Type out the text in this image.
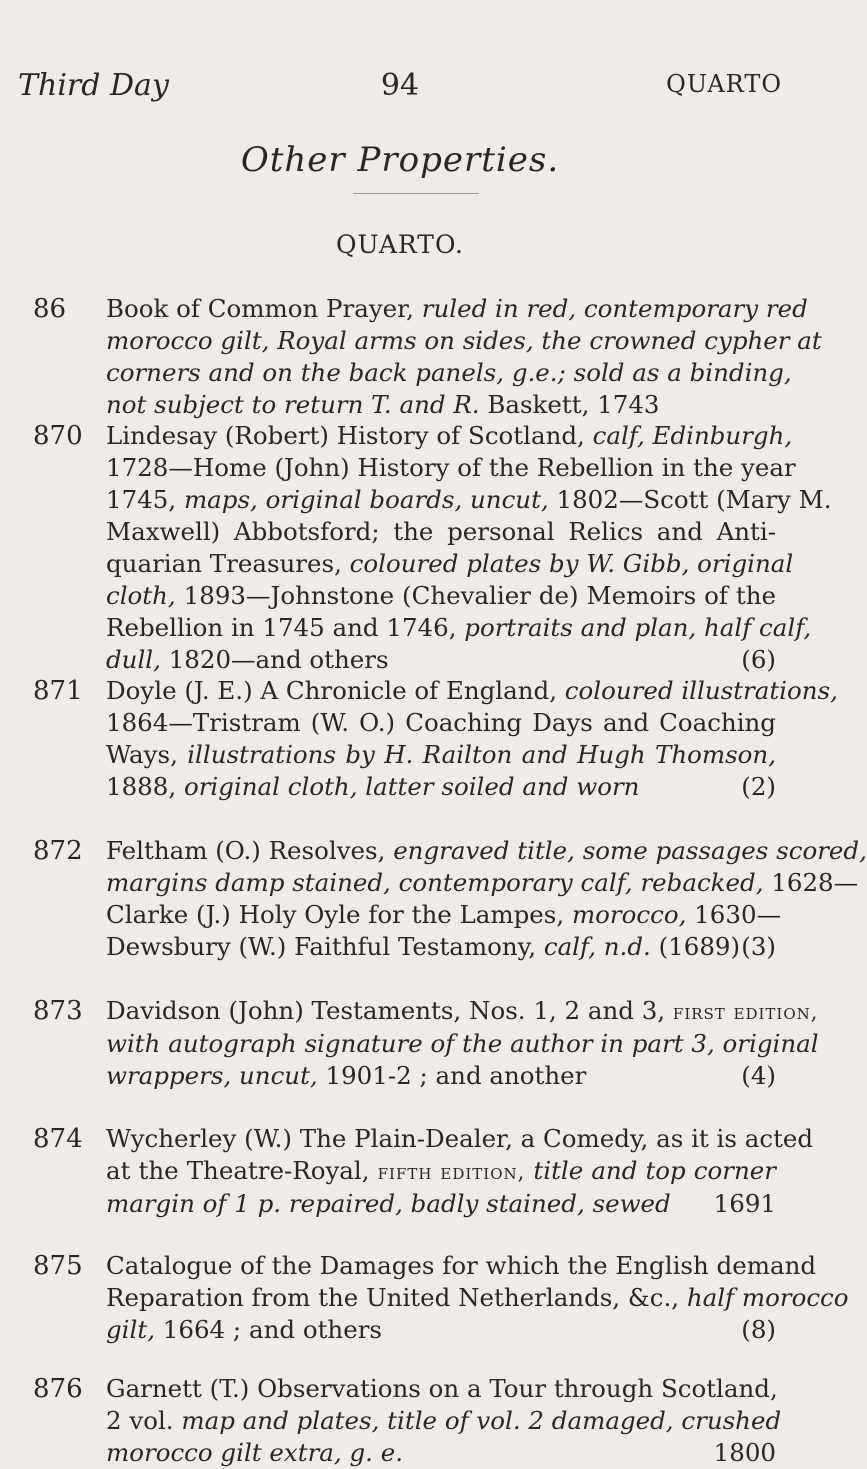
Third Day	94	QUARTO
Other Properties.
QUARTO.
86 Book of Common Prayer, ruled in red, contemporary red
morocco gilt, Royal arms on sides, the crowned cypher at
corners and on the back panels, g.e.; sold as a binding,
not subject to return T. and R. Baskett, 1743
870 Lindesay (Robert) History of Scotland, calf, Edinburgh,
1728—Home (John) History of the Rebellion in the year
1745, maps, original boards, uncut, 1802—Scott (Mary M.
Maxwell) Abbotsford; the personal Relics and Anti-
quarian Treasures, coloured plates by W. Gibb, original
cloth, 1893—Johnstone (Chevalier de) Memoirs of the
Rebellion in 1745 and 1746, portraits and plan, half calf,
dull, 1820—and others	(6)
871 Doyle (J. E.) A Chronicle of England, coloured illustrations,
1864—Tristram (W. O.) Coaching Days and Coaching
Ways, illustrations by H. Railton and Hugh Thomson,
1888, original cloth, latter soiled and worn	(2)
872 Feltham (O.) Resolves, engraved title, some passages scored,
margins damp stained, contemporary calf, rebacked, 1628—
Clarke (J.) Holy Oyle for the Lampes, morocco, 1630—
Dewsbury (W.) Faithful Testamony, calf, n.d. (1689) (3)
873 Davidson (John) Testaments, Nos. 1, 2 and 3, first edition,
with autograph signature of the author in part 3, original
wrappers, uncut, 1901-2 ; and another	(4)
874 Wycherley (W.) The Plain-Dealer, a Comedy, as it is acted
at the Theatre-Royal, fifth edition, title and top corner
margin of 1 p. repaired, badly stained, sewed 1691
875 Catalogue of the Damages for which the English demand
Reparation from the United Netherlands, &c., half morocco
gilt, 1664 ; and others	(8)
876 Garnett (T.) Observations on a Tour through Scotland,
2 vol. map and plates, title of vol. 2 damaged, crushed
morocco gilt extra, g. e.	1800
